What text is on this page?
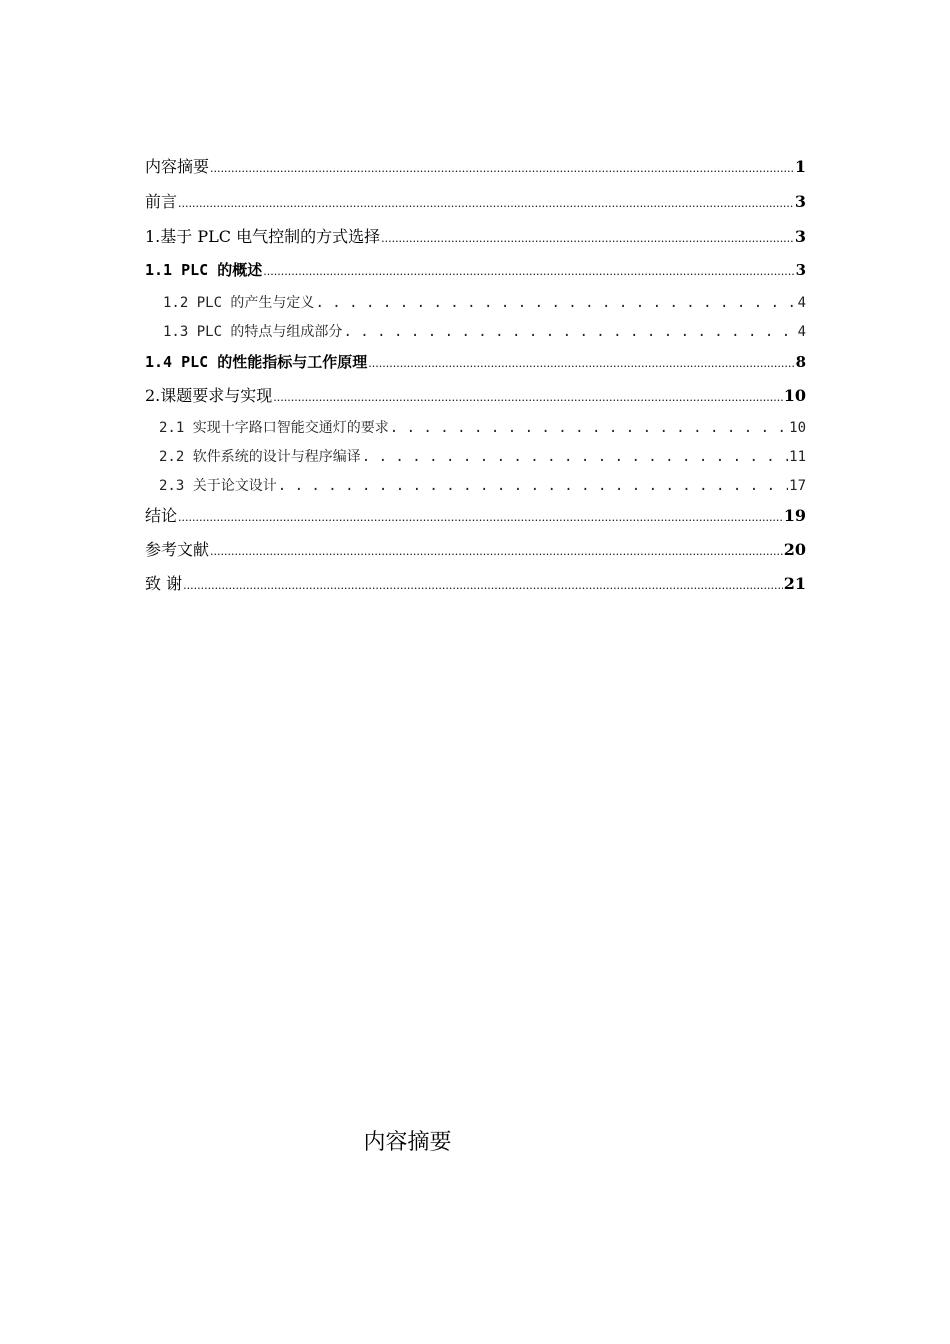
内容摘要 .....	1
前言 .....	3
1.基于 PLC 电气控制的方式选择 .....	3
1.1 PLC 的概述 .....	3
1.2 PLC 的产生与定义 . . .	4
1.3 PLC 的特点与组成部分 . . .	4
1.4 PLC 的性能指标与工作原理 .....	8
2.课题要求与实现 .....	10
2.1 实现十字路口智能交通灯的要求 . . .	10
2.2 软件系统的设计与程序编译 . . .	11
2.3 关于论文设计 . . .	17
结论 .....	19
参考文献 .....	20
致 谢 .....	21
内容摘要
